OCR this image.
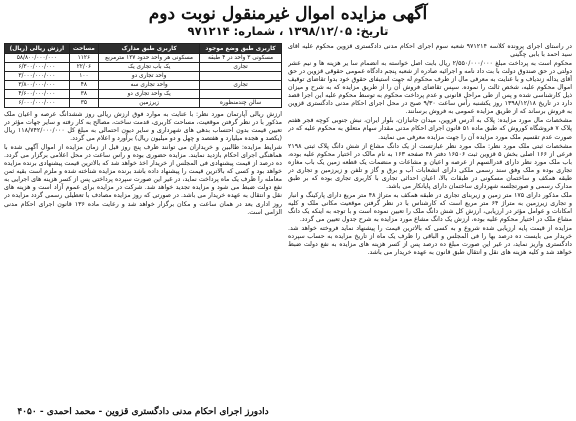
آگهی مزایده اموال غیرمنقول نوبت دوم
تاریخ: ۱۳۹۸/۱۲/۰۵ ، شماره: ۹۷۱۲۱۴

در راستای اجرای پرونده کلاسه ۹۷۱۲۱۴ شعبه سوم اجرای احکام مدنی دادگستری قزوین محکوم علیه آقای سید احمد با بابی چگینی

محکوم است به پرداخت مبلغ ۲/۵۵۰/۰۰۰/۰۰۰ ریال بابت اصل خواسته به انضمام سا یر هزینه ها و نیم عشر دولتی در حق صندوق دولت با بت داد نامه و اجرائیه صادره از شعبه پنجم دادگاه عمومی حقوقی قزوین در حق آقای یداله زندیاف و با عنایت به معرفی مال از طرف محکوم له جهت استیفای حقوق خود بدوا تقاضای توقیف اموال محکوم علیه، شخص ثالث را نموده. سپس تقاضای فروش آن را از طریق مزایده که به شرح و میزان ذیل کارشناسی شده و پس از طی مراحل قانونی و عدم پرداخت محکوم به توسط محکوم علیه این اجرا قصد دارد در تاریخ ۱۳۹۸/۱۲/۱۸ روز یکشنبه رأس ساعت ۹/۳۰ صبح در محل اجرای احکام مدنی دادگستری قزوین به فروش برساند که از طریق مزایده عمومی به فروش برسانند.

مشخصات مال مورد مزایده: پلاک به آدرس قزوین، میدان جانبازان، بلوار ایران، نبش جنوبی کوچه فجر هفتم پلاک ۷ فروشگاه کوروش که طبق ماده ۵۱ قانون اجرای احکام مدنی مقدار سهام متعلق به محکوم علیه که در صورت عدم تقسیم ملک مورد مزایده آن را جهت مزایده معرفی می نمایند.

مشخصات ثبتی ملک مورد نظر: ملک مورد نظر عبارتست از یک دانگ مشاع از شش دانگ پلاک ثبتی ۲۱۹۸ فرعی از ۱۶۶ اصلی بخش ۵ قزوین ثبت ۱۶۵۰۶ دفتر ۴۸ صفحه ۱۶۳ به نام مالک در اختیار محکوم علیه بوده، باب ملک مورد نظر دارای قدرالسهم از عرصه و اعیان و مشاعات و منضمات یک قطعه زمین یک باب مغازه تجاری بوده و ملک وفق سند رسمی ملکی دارای انشعابات آب و برق و گاز و تلفن و زیرزمین و تجاری در طبقه همکف و ساختمان مسکونی در طبقات بالا، اعیان احداثی تجاری با کاربری تجاری بوده که بر طبق مدارک رسمی و صورتجلسه شهرداری ساختمان دارای پایانکار می باشد.

ملک مذکور دارای ۱۷۵ متر زمین و زیربنای تجاری در طبقه همکف به متراژ ۴۸ متر مربع دارای پارکینگ و انبار و تجاری زیرزمین به متراژ ۶۴ متر مربع است که کارشناس با در نظر گرفتن موقعیت مکانی ملک و کلیه امکانات و عوامل مؤثر در ارزیابی، ارزش کل شش دانگ ملک را تعیین نموده است و با توجه به اینکه یک دانگ مشاع ملک در اختیار محکوم علیه بوده، ارزش یک دانگ مشاع مورد مزایده به شرح جدول تعیین می گردد.

مزایده از قیمت پایه ارزیابی شده شروع و به کسی که بالاترین قیمت را پیشنهاد نماید فروخته خواهد شد. خریدار می بایست ده درصد بها را فی المجلس و الباقی را ظرف یک ماه از تاریخ مزایده به حساب سپرده دادگستری واریز نماید، در غیر این صورت مبلغ ده درصد پس از کسر هزینه های مزایده به نفع دولت ضبط خواهد شد و کلیه هزینه های نقل و انتقال طبق قانون به عهده خریدار می باشد.

کاربری طبق وضع موجود	کاربری طبق مدارک	مساحت	ارزش ریالی (ریال)
مسکونی ۳ واحد در ۴ طبقه	مسکونی هر واحد حدود ۱۲۷ مترمربع	۱۱۲۶	۵۸/۸۰۰/۰۰۰/۰۰۰
تجاری	یک باب تجاری یک	۲۲/۰۶	۶/۳۰۰/۰۰۰/۰۰۰
	واحد تجاری دو	۱۰۰	۳/۰۰۰/۰۰۰/۰۰۰
تجاری	واحد تجاری سه	۴۸	۳/۸۰۰/۰۰۰/۰۰۰
	یک واحد تجاری دو	۳۸	۴/۶۰۰/۰۰۰/۰۰۰
سالن چندمنظوره	زیرزمین	۳۵	۶/۰۰۰/۰۰۰/۰۰۰

ارزش ریالی آپارتمان مورد نظر: با عنایت به موارد فوق ارزش ریالی روز ششدانگ عرصه و اعیان ملک مذکور با در نظر گرفتن موقعیت، مساحت کاربری، قدمت ساخت، مصالح به کار رفته و سایر جهات مؤثر در تعیین قیمت بدون احتساب بدهی های شهرداری و سایر دیون احتمالی به مبلغ کل ۱۱۸/۷۴۲/۰۰۰/۰۰۰ ریال (یکصد و هجده میلیارد و هفتصد و چهل و دو میلیون ریال) برآورد و اعلام می گردد.

شرایط مزایده: طالبین و خریداران می توانند ظرف پنج روز قبل از زمان مزایده از اموال آگهی شده با هماهنگی اجرای احکام بازدید نمایند. مزایده حضوری بوده و راس ساعت در محل اعلامی برگزار می گردد. ده درصد از قیمت پیشنهادی فی المجلس از خریدار اخذ خواهد شد که بالاترین قیمت پیشنهادی برنده مزایده خواهد بود و کسی که بالاترین قیمت را پیشنهاد داده باشد برنده مزایده شناخته شده و ملزم است بقیه ثمن معامله را ظرف یک ماه پرداخت نماید، در غیر این صورت سپرده پرداختی پس از کسر هزینه های اجرایی به نفع دولت ضبط می شود و مزایده تجدید خواهد شد. شرکت در مزایده برای عموم آزاد است و هزینه های نقل و انتقال به عهده خریدار می باشد. در صورتی که روز مزایده مصادف با تعطیلی رسمی گردد مزایده در روز اداری بعد در همان ساعت و مکان برگزار خواهد شد و رعایت ماده ۱۳۶ قانون اجرای احکام مدنی الزامی است.

دادورز اجرای احکام مدنی دادگستری قزوین - محمد احمدی - ۴۰۵۰
